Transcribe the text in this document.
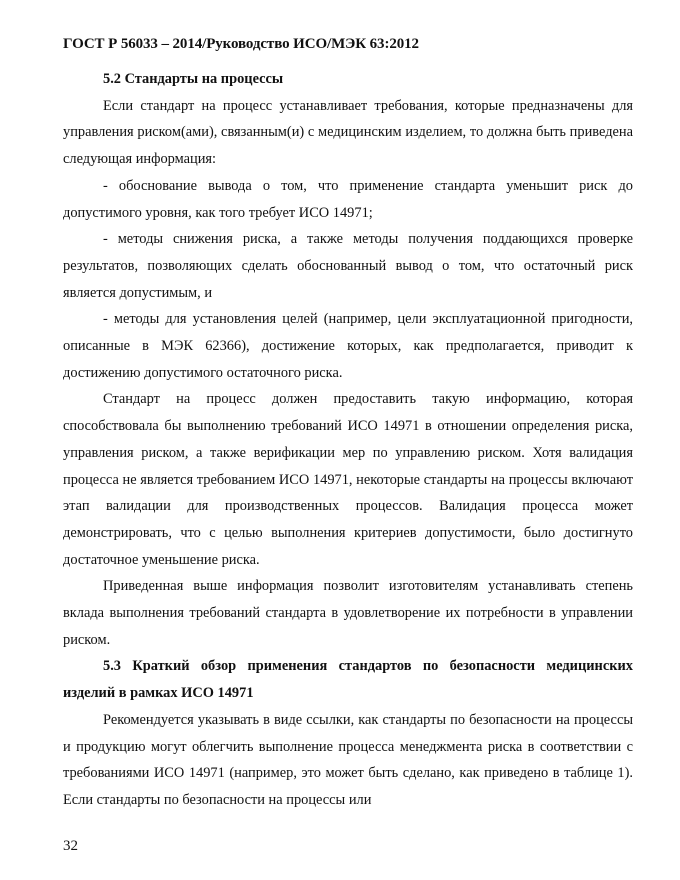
ГОСТ Р 56033 – 2014/Руководство ИСО/МЭК 63:2012

5.2 Стандарты на процессы

Если стандарт на процесс устанавливает требования, которые предназначены для управления риском(ами), связанным(и) с медицинским изделием, то должна быть приведена следующая информация:

- обоснование вывода о том, что применение стандарта уменьшит риск до допустимого уровня, как того требует ИСО 14971;

- методы снижения риска, а также методы получения поддающихся проверке результатов, позволяющих сделать обоснованный вывод о том, что остаточный риск является допустимым, и

- методы для установления целей (например, цели эксплуатационной пригодности, описанные в МЭК 62366), достижение которых, как предполагается, приводит к достижению допустимого остаточного риска.

Стандарт на процесс должен предоставить такую информацию, которая способствовала бы выполнению требований ИСО 14971 в отношении определения риска, управления риском, а также верификации мер по управлению риском. Хотя валидация процесса не является требованием ИСО 14971, некоторые стандарты на процессы включают этап валидации для производственных процессов. Валидация процесса может демонстрировать, что с целью выполнения критериев допустимости, было достигнуто достаточное уменьшение риска.

Приведенная выше информация позволит изготовителям устанавливать степень вклада выполнения требований стандарта в удовлетворение их потребности в управлении риском.

5.3 Краткий обзор применения стандартов по безопасности медицинских изделий в рамках ИСО 14971

Рекомендуется указывать в виде ссылки, как стандарты по безопасности на процессы и продукцию могут облегчить выполнение процесса менеджмента риска в соответствии с требованиями ИСО 14971 (например, это может быть сделано, как приведено в таблице 1). Если стандарты по безопасности на процессы или

32
